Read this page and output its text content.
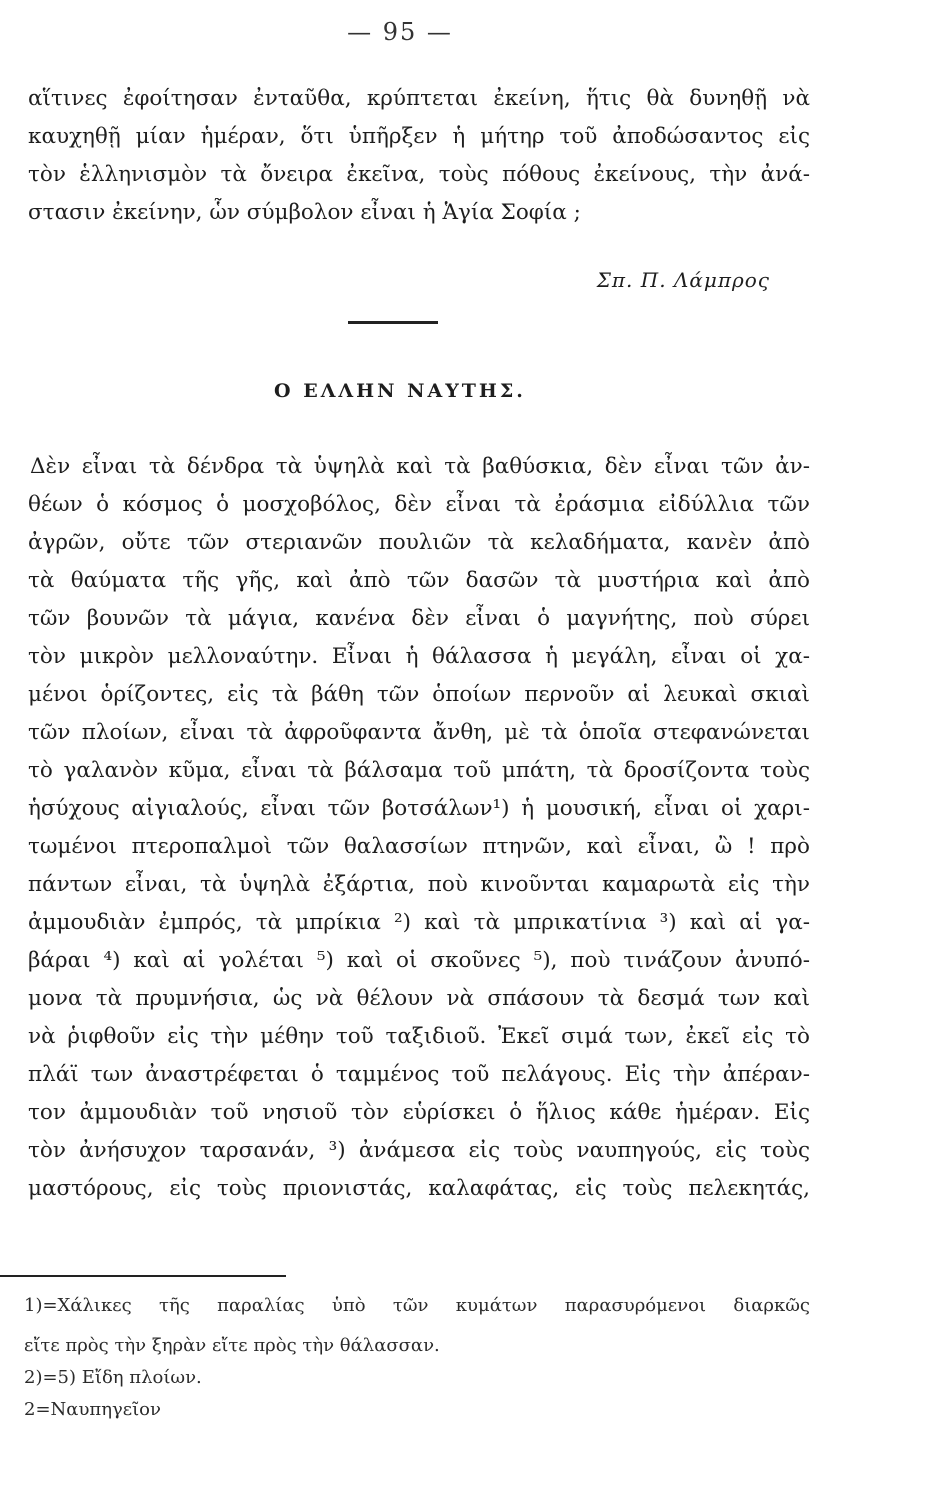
— 95 —
αἵτινες ἐφοίτησαν ἐνταῦθα, κρύπτεται ἐκείνη, ἥτις θὰ δυνηθῇ νὰ
καυχηθῇ μίαν ἡμέραν, ὅτι ὑπῆρξεν ἡ μήτηρ τοῦ ἀποδώσαντος εἰς
τὸν ἑλληνισμὸν τὰ ὄνειρα ἐκεῖνα, τοὺς πόθους ἐκείνους, τὴν ἀνά-
στασιν ἐκείνην, ὧν σύμβολον εἶναι ἡ Ἁγία Σοφία ;
Σπ. Π. Λάμπρος
Ο ΕΛΛΗΝ ΝΑΥΤΗΣ.
Δὲν εἶναι τὰ δένδρα τὰ ὑψηλὰ καὶ τὰ βαθύσκια, δὲν εἶναι τῶν ἀν-
θέων ὁ κόσμος ὁ μοσχοβόλος, δὲν εἶναι τὰ ἐράσμια εἰδύλλια τῶν
ἀγρῶν, οὔτε τῶν στεριανῶν πουλιῶν τὰ κελαδήματα, κανὲν ἀπὸ
τὰ θαύματα τῆς γῆς, καὶ ἀπὸ τῶν δασῶν τὰ μυστήρια καὶ ἀπὸ
τῶν βουνῶν τὰ μάγια, κανένα δὲν εἶναι ὁ μαγνήτης, ποὺ σύρει
τὸν μικρὸν μελλοναύτην. Εἶναι ἡ θάλασσα ἡ μεγάλη, εἶναι οἱ χα-
μένοι ὁρίζοντες, εἰς τὰ βάθη τῶν ὁποίων περνοῦν αἱ λευκαὶ σκιαὶ
τῶν πλοίων, εἶναι τὰ ἀφροῦφαντα ἄνθη, μὲ τὰ ὁποῖα στεφανώνεται
τὸ γαλανὸν κῦμα, εἶναι τὰ βάλσαμα τοῦ μπάτη, τὰ δροσίζοντα τοὺς
ἡσύχους αἰγιαλούς, εἶναι τῶν βοτσάλων¹) ἡ μουσική, εἶναι οἱ χαρι-
τωμένοι πτεροπαλμοὶ τῶν θαλασσίων πτηνῶν, καὶ εἶναι, ὢ ! πρὸ
πάντων εἶναι, τὰ ὑψηλὰ ἐξάρτια, ποὺ κινοῦνται καμαρωτὰ εἰς τὴν
ἀμμουδιὰν ἐμπρός, τὰ μπρίκια ²) καὶ τὰ μπρικατίνια ³) καὶ αἱ γα-
βάραι ⁴) καὶ αἱ γολέται ⁵) καὶ οἱ σκοῦνες ⁵), ποὺ τινάζουν ἀνυπό-
μονα τὰ πρυμνήσια, ὡς νὰ θέλουν νὰ σπάσουν τὰ δεσμά των καὶ
νὰ ῥιφθοῦν εἰς τὴν μέθην τοῦ ταξιδιοῦ. Ἐκεῖ σιμά των, ἐκεῖ εἰς τὸ
πλάϊ των ἀναστρέφεται ὁ ταμμένος τοῦ πελάγους. Εἰς τὴν ἀπέραν-
τον ἀμμουδιὰν τοῦ νησιοῦ τὸν εὑρίσκει ὁ ἥλιος κάθε ἡμέραν. Εἰς
τὸν ἀνήσυχον ταρσανάν, ³) ἀνάμεσα εἰς τοὺς ναυπηγούς, εἰς τοὺς
μαστόρους, εἰς τοὺς πριονιστάς, καλαφάτας, εἰς τοὺς πελεκητάς,
1)=Χάλικες τῆς παραλίας ὑπὸ τῶν κυμάτων παρασυρόμενοι διαρκῶς
εἴτε πρὸς τὴν ξηρὰν εἴτε πρὸς τὴν θάλασσαν.
2)=5) Εἴδη πλοίων.
2=Ναυπηγεῖον
